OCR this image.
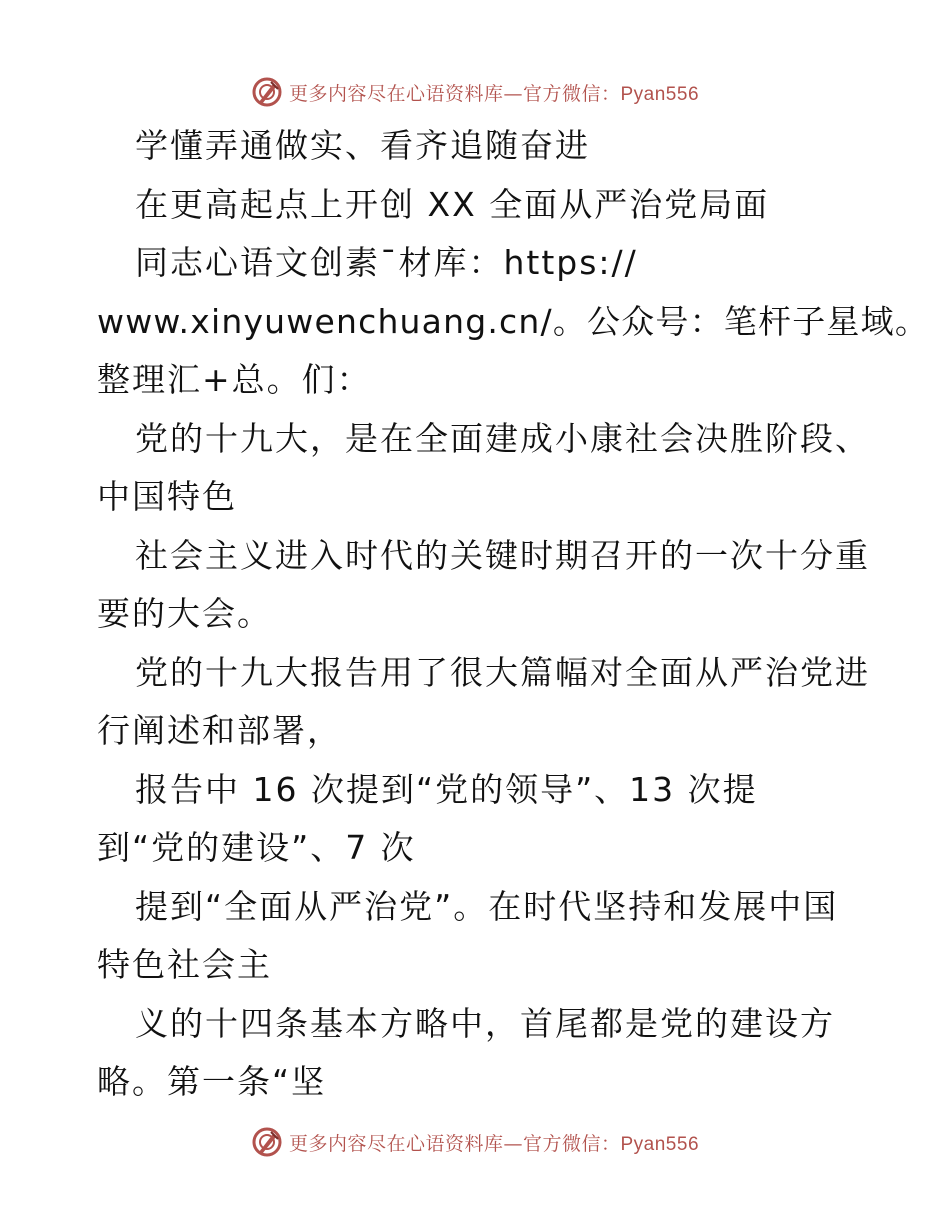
更多内容尽在心语资料库—官方微信：Pyan556
学懂弄通做实、看齐追随奋进
在更高起点上开创 XX 全面从严治党局面
同志心语文创素¯材库：https://
www.xinyuwenchuang.cn/。公众号：笔杆子星域。
整理汇+总。们：
党的十九大，是在全面建成小康社会决胜阶段、
中国特色
社会主义进入时代的关键时期召开的一次十分重
要的大会。
党的十九大报告用了很大篇幅对全面从严治党进
行阐述和部署，
报告中 16 次提到“党的领导”、13 次提
到“党的建设”、7 次
提到“全面从严治党”。在时代坚持和发展中国
特色社会主
义的十四条基本方略中，首尾都是党的建设方
略。第一条“坚
更多内容尽在心语资料库—官方微信：Pyan556
